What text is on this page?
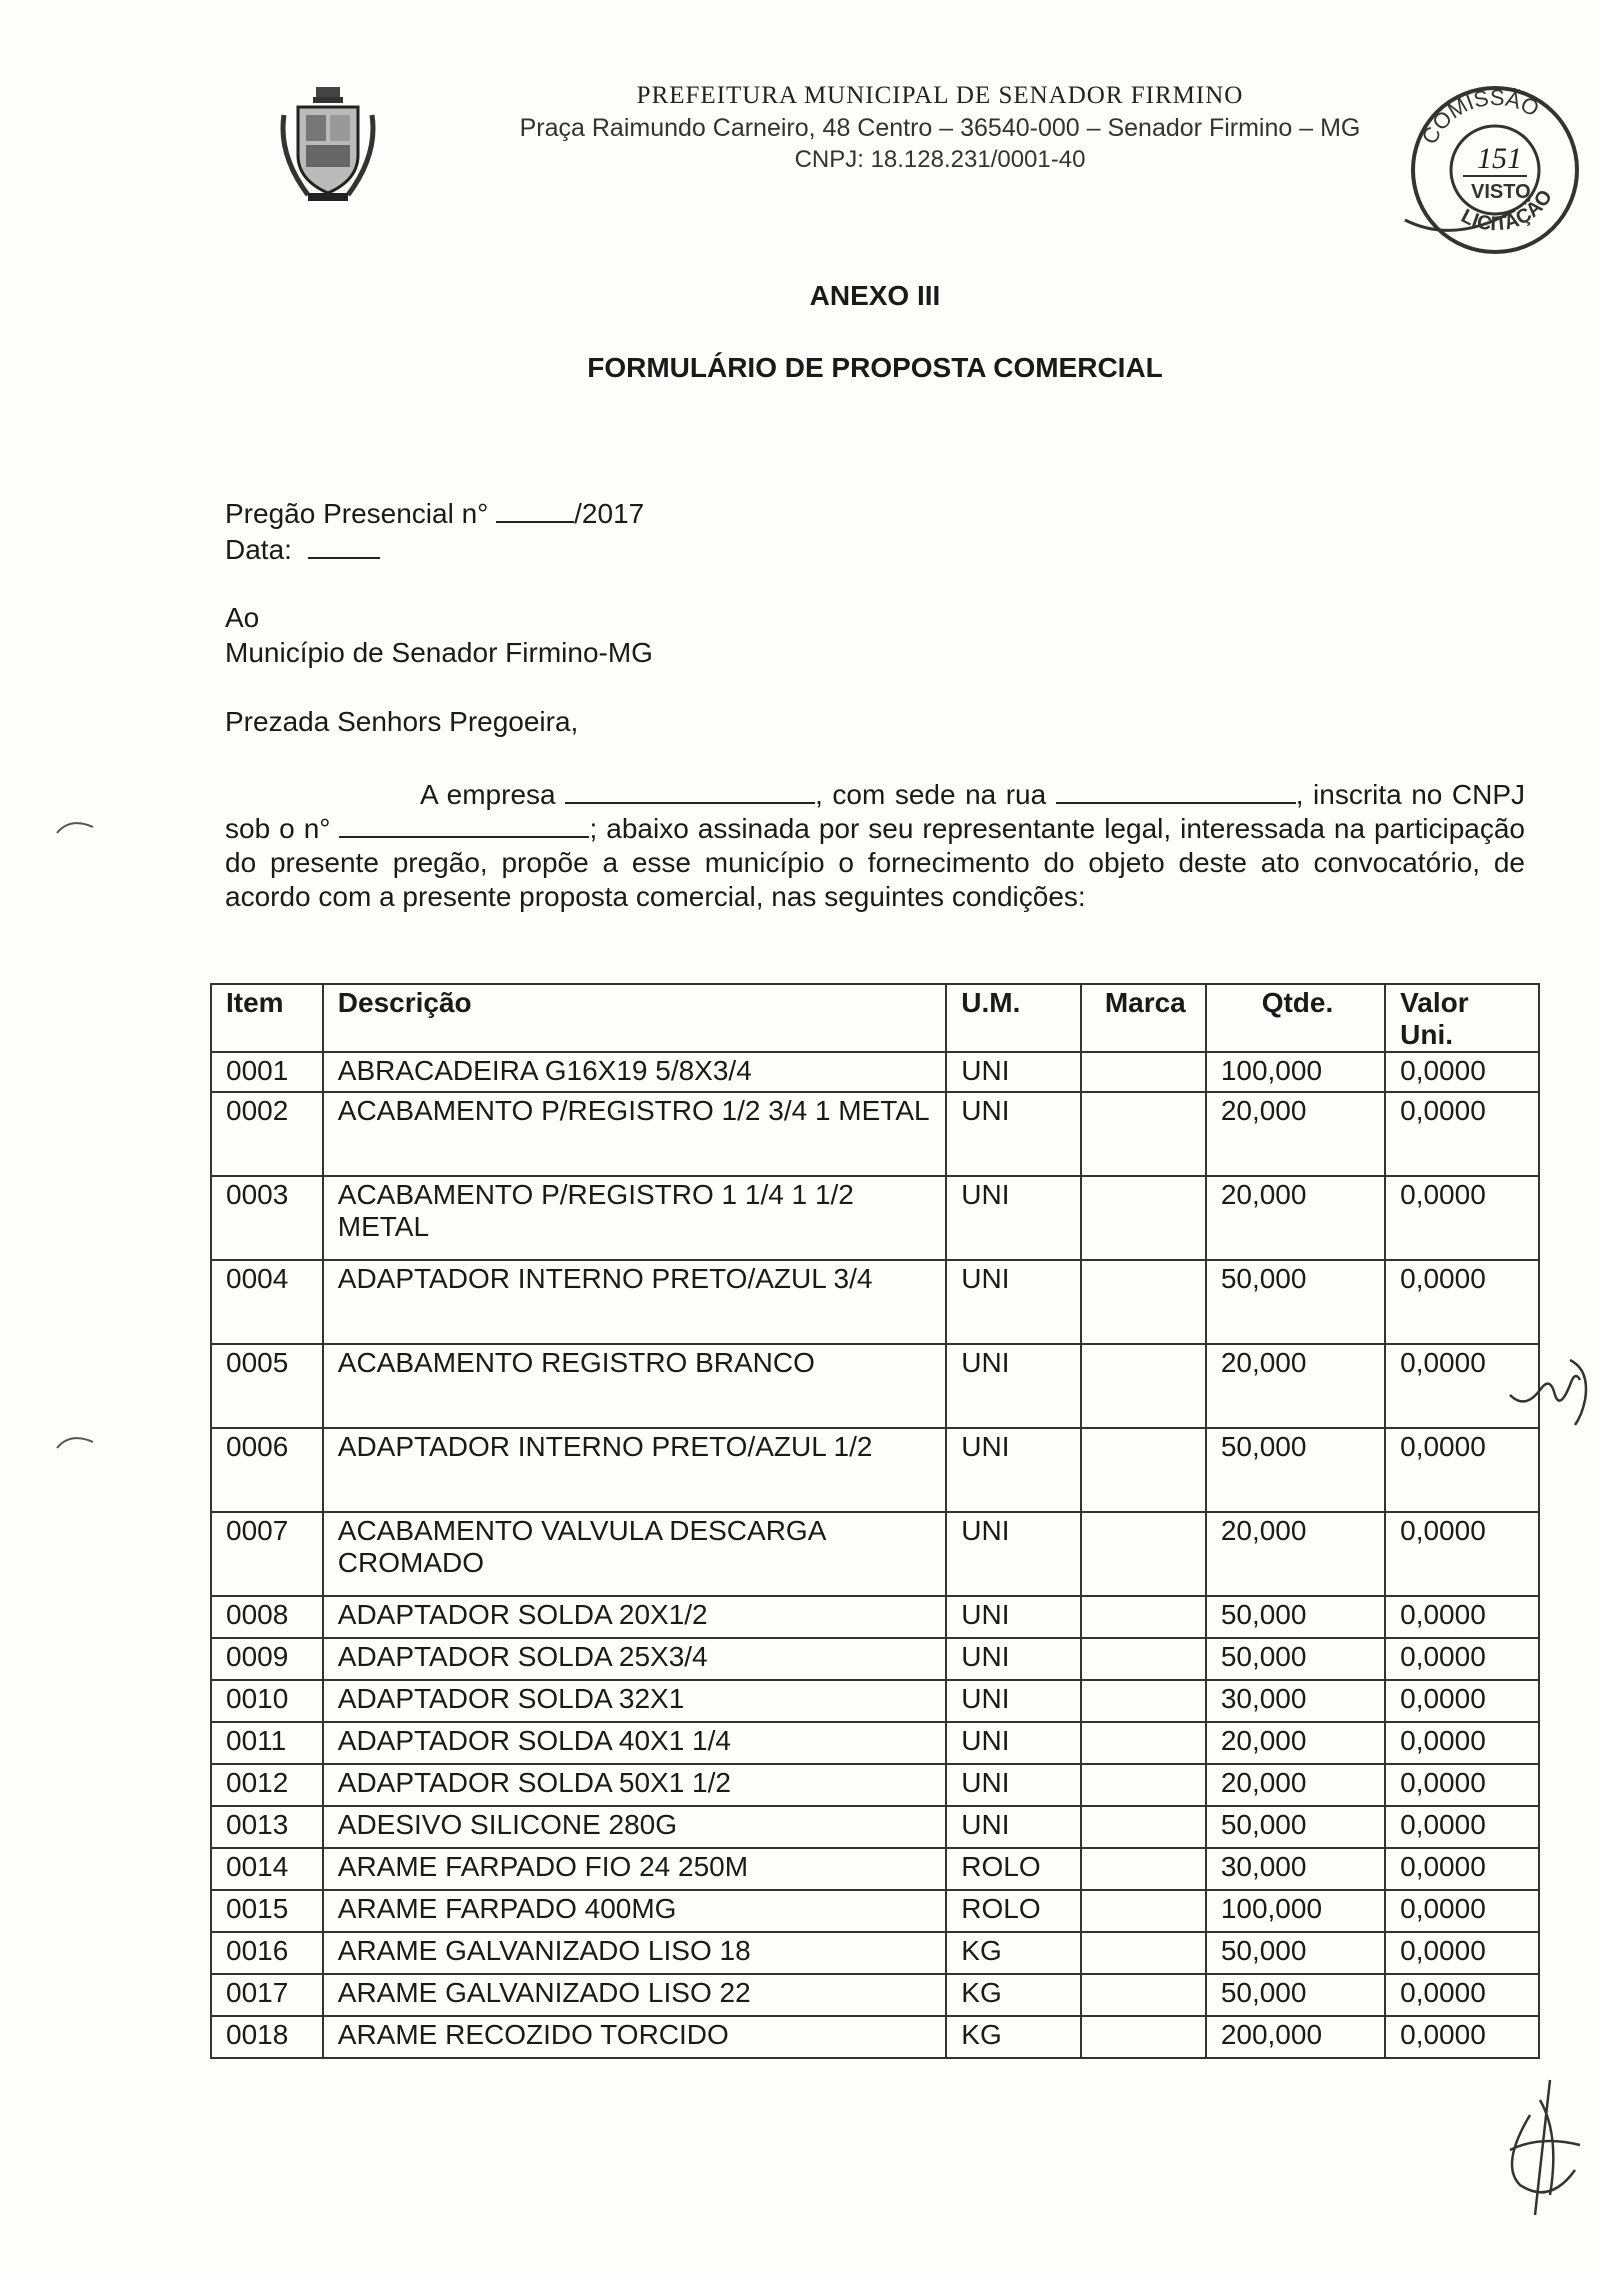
PREFEITURA MUNICIPAL DE SENADOR FIRMINO
Praça Raimundo Carneiro, 48 Centro – 36540-000 – Senador Firmino – MG
CNPJ: 18.128.231/0001-40
COMISSÃO
151
VISTO
LICITAÇÃO
ANEXO III
FORMULÁRIO DE PROPOSTA COMERCIAL
Pregão Presencial n°	/2017
Data:
Ao
Município de Senador Firmino-MG
Prezada Senhors Pregoeira,
A empresa	, com sede na rua	, inscrita no CNPJ sob o n°	; abaixo assinada por seu representante legal, interessada na participação do presente pregão, propõe a esse município o fornecimento do objeto deste ato convocatório, de acordo com a presente proposta comercial, nas seguintes condições:
Item	Descrição	U.M.	Marca	Qtde.	Valor Uni.
0001	ABRACADEIRA G16X19 5/8X3/4	UNI		100,000	0,0000
0002	ACABAMENTO P/REGISTRO 1/2 3/4 1 METAL	UNI		20,000	0,0000
0003	ACABAMENTO P/REGISTRO 1 1/4 1 1/2 METAL	UNI		20,000	0,0000
0004	ADAPTADOR INTERNO PRETO/AZUL 3/4	UNI		50,000	0,0000
0005	ACABAMENTO REGISTRO BRANCO	UNI		20,000	0,0000
0006	ADAPTADOR INTERNO PRETO/AZUL 1/2	UNI		50,000	0,0000
0007	ACABAMENTO VALVULA DESCARGA CROMADO	UNI		20,000	0,0000
0008	ADAPTADOR SOLDA 20X1/2	UNI		50,000	0,0000
0009	ADAPTADOR SOLDA 25X3/4	UNI		50,000	0,0000
0010	ADAPTADOR SOLDA 32X1	UNI		30,000	0,0000
0011	ADAPTADOR SOLDA 40X1 1/4	UNI		20,000	0,0000
0012	ADAPTADOR SOLDA 50X1 1/2	UNI		20,000	0,0000
0013	ADESIVO SILICONE 280G	UNI		50,000	0,0000
0014	ARAME FARPADO FIO 24 250M	ROLO		30,000	0,0000
0015	ARAME FARPADO 400MG	ROLO		100,000	0,0000
0016	ARAME GALVANIZADO LISO 18	KG		50,000	0,0000
0017	ARAME GALVANIZADO LISO 22	KG		50,000	0,0000
0018	ARAME RECOZIDO TORCIDO	KG		200,000	0,0000
